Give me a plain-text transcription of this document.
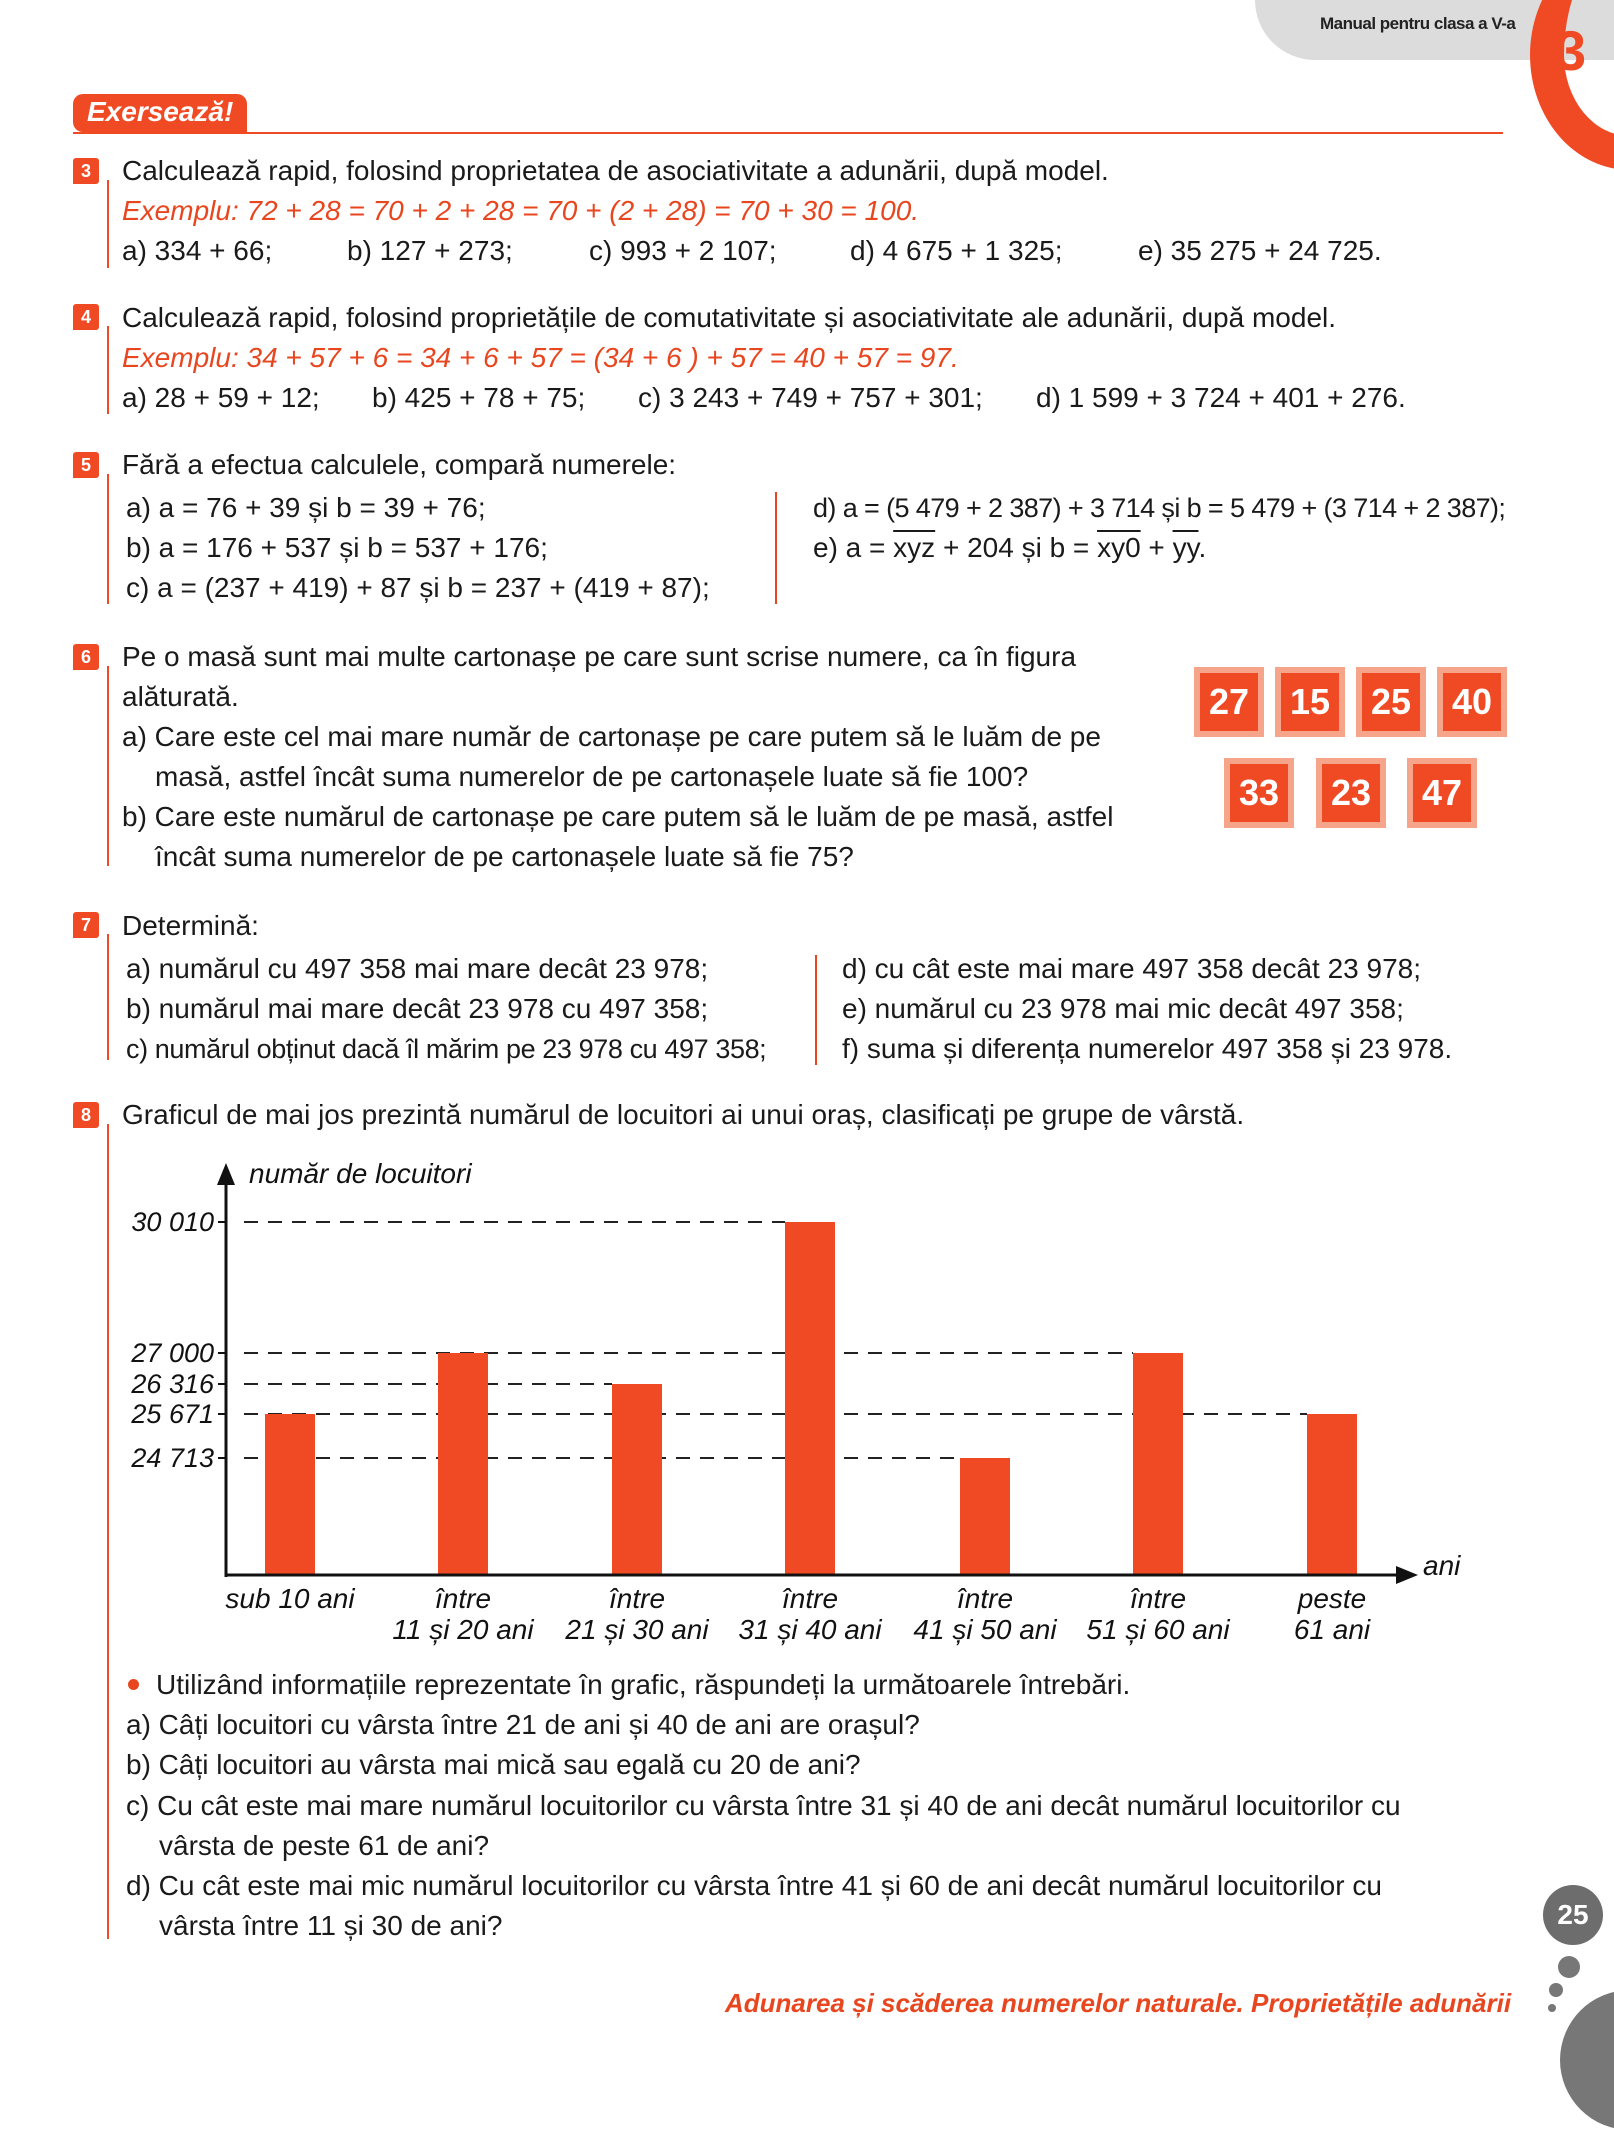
Manual pentru clasa a V-a 3
Exersează!
3 Calculează rapid, folosind proprietatea de asociativitate a adunării, după model.
Exemplu: 72 + 28 = 70 + 2 + 28 = 70 + (2 + 28) = 70 + 30 = 100.
a) 334 + 66;	b) 127 + 273;	c) 993 + 2 107;	d) 4 675 + 1 325;	e) 35 275 + 24 725.
4 Calculează rapid, folosind proprietățile de comutativitate și asociativitate ale adunării, după model.
Exemplu: 34 + 57 + 6 = 34 + 6 + 57 = (34 + 6 ) + 57 = 40 + 57 = 97.
a) 28 + 59 + 12; b) 425 + 78 + 75; c) 3 243 + 749 + 757 + 301; d) 1 599 + 3 724 + 401 + 276.
5 Fără a efectua calculele, compară numerele:
a) a = 76 + 39 și b = 39 + 76;
b) a = 176 + 537 și b = 537 + 176;
c) a = (237 + 419) + 87 și b = 237 + (419 + 87);
d) a = (5 479 + 2 387) + 3 714 și b = 5 479 + (3 714 + 2 387);
e) $a = \overline{xyz} + 204$ și $b = xy0 + \overline{yy}$.
6 Pe o masă sunt mai multe cartonașe pe care sunt scrise numere, ca în figura
alăturată.
a) Care este cel mai mare număr de cartonașe pe care putem să le luăm de pe
masă, astfel încât suma numerelor de pe cartonașele luate să fie 100?
b) Care este numărul de cartonașe pe care putem să le luăm de pe masă, astfel
încât suma numerelor de pe cartonașele luate să fie 75?
27	15	25	40
33	23	47
7 Determină:
a) numărul cu 497 358 mai mare decât 23 978;
b) numărul mai mare decât 23 978 cu 497 358;
c) numărul obținut dacă îl mărim pe 23 978 cu 497 358;
d) cu cât este mai mare 497 358 decât 23 978;
e) numărul cu 23 978 mai mic decât 497 358;
f) suma și diferența numerelor 497 358 și 23 978.
8 Graficul de mai jos prezintă numărul de locuitori ai unui oraș, clasificați pe grupe de vârstă.
24 713
25 671
26 316
27 000
30 010
sub 10 ani	între
11 și 20 ani
între
21 și 30 ani
între
31 și 40 ani
între
41 și 50 ani
între
51 și 60 ani
peste
61 ani
număr de locuitori
ani
Utilizând informațiile reprezentate în grafic, răspundeți la următoarele întrebări.
a) Câți locuitori cu vârsta între 21 de ani și 40 de ani are orașul?
b) Câți locuitori au vârsta mai mică sau egală cu 20 de ani?
c) Cu cât este mai mare numărul locuitorilor cu vârsta între 31 și 40 de ani decât numărul locuitorilor cu
vârsta de peste 61 de ani?
d) Cu cât este mai mic numărul locuitorilor cu vârsta între 41 și 60 de ani decât numărul locuitorilor cu
vârsta între 11 și 30 de ani?	25
Adunarea și scăderea numerelor naturale. Proprietățile adunării
